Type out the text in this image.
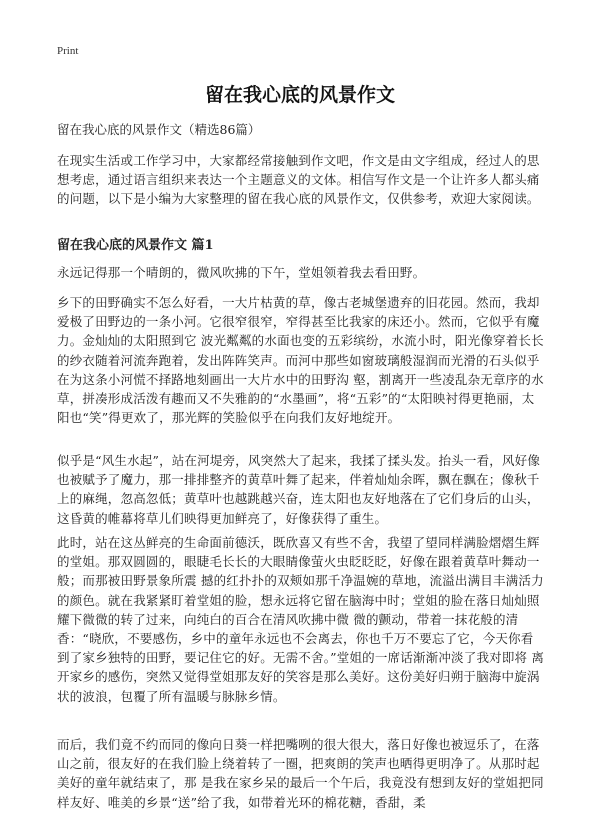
Print
留在我心底的风景作文

留在我心底的风景作文（精选86篇）

在现实生活或工作学习中，大家都经常接触到作文吧，作文是由文字组成，经过人的思想考虑，通过语言组织来表达一个主题意义的文体。相信写作文是一个让许多人都头痛的问题，以下是小编为大家整理的留在我心底的风景作文，仅供参考，欢迎大家阅读。

留在我心底的风景作文 篇1

永远记得那一个晴朗的，微风吹拂的下午，堂姐领着我去看田野。

乡下的田野确实不怎么好看，一大片枯黄的草，像古老城堡遗弃的旧花园。然而，我却爱极了田野边的一条小河。它很窄很窄，窄得甚至比我家的床还小。然而，它似乎有魔力。金灿灿的太阳照到它 波光粼粼的水面也变的五彩缤纷，水流小时，阳光像穿着长长的纱衣随着河流奔跑着，发出阵阵笑声。而河中那些如窗玻璃般湿润而光滑的石头似乎在为这条小河慌不择路地刻画出一大片水中的田野沟 壑，割离开一些凌乱杂无章序的水草，拼凑形成活泼有趣而又不失雅韵的“水墨画”，将“五彩”的“太阳映衬得更艳丽，太阳也“笑”得更欢了，那光辉的笑脸似乎在向我们友好地绽开。

似乎是“风生水起”，站在河堤旁，风突然大了起来，我揉了揉头发。抬头一看，风好像也被赋予了魔力，那一排排整齐的黄草叶舞了起来，伴着灿灿余晖，飘在飘在；像秋千上的麻绳，忽高忽低；黄草叶也越跳越兴奋，连太阳也友好地落在了它们身后的山头，这昏黄的帷幕将草儿们映得更加鲜亮了，好像获得了重生。

此时，站在这丛鲜亮的生命面前德沃，既欣喜又有些不舍，我望了望同样满脸熠熠生辉的堂姐。那双圆圆的，眼睫毛长长的大眼睛像萤火虫眨眨眨，好像在跟着黄草叶舞动一般；而那被田野景象所震 撼的红扑扑的双颊如那千净温婉的草地，流溢出满目丰满活力的颜色。就在我紧紧盯着堂姐的脸，想永远将它留在脑海中时；堂姐的脸在落日灿灿照耀下微微的转了过来，向纯白的百合在清风吹拂中微 微的颤动，带着一抹花般的清香：“晓欣，不要感伤，乡中的童年永远也不会离去，你也千万不要忘了它，今天你看到了家乡独特的田野，要记住它的好。无需不舍。”堂姐的一席话渐渐冲淡了我对即将 离开家乡的感伤，突然又觉得堂姐那友好的笑容是那么美好。这份美好归朔于脑海中旋涡状的波浪，包覆了所有温暖与脉脉乡情。

而后，我们竟不约而同的像向日葵一样把嘴咧的很大很大，落日好像也被逗乐了，在落山之前，很友好的在我们脸上绕着转了一圈，把爽朗的笑声也晒得更明净了。从那时起美好的童年就结束了，那 是我在家乡呆的最后一个午后，我竟没有想到友好的堂姐把同样友好、唯美的乡景“送”给了我，如带着光环的棉花糖，香甜，柔
